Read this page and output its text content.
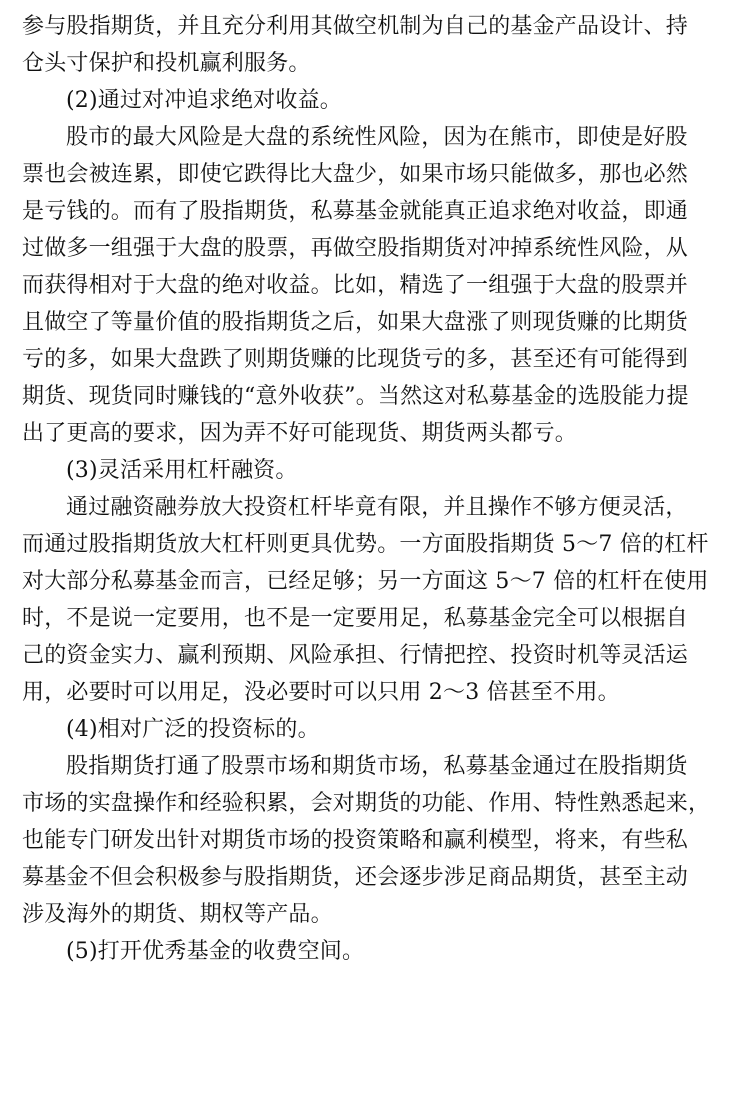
参与股指期货，并且充分利用其做空机制为自己的基金产品设计、持
仓头寸保护和投机赢利服务。
(2)通过对冲追求绝对收益。
股市的最大风险是大盘的系统性风险，因为在熊市，即使是好股
票也会被连累，即使它跌得比大盘少，如果市场只能做多，那也必然
是亏钱的。而有了股指期货，私募基金就能真正追求绝对收益，即通
过做多一组强于大盘的股票，再做空股指期货对冲掉系统性风险，从
而获得相对于大盘的绝对收益。比如，精选了一组强于大盘的股票并
且做空了等量价值的股指期货之后，如果大盘涨了则现货赚的比期货
亏的多，如果大盘跌了则期货赚的比现货亏的多，甚至还有可能得到
期货、现货同时赚钱的“意外收获”。当然这对私募基金的选股能力提
出了更高的要求，因为弄不好可能现货、期货两头都亏。
(3)灵活采用杠杆融资。
通过融资融券放大投资杠杆毕竟有限，并且操作不够方便灵活，
而通过股指期货放大杠杆则更具优势。一方面股指期货 5～7 倍的杠杆
对大部分私募基金而言，已经足够；另一方面这 5～7 倍的杠杆在使用
时，不是说一定要用，也不是一定要用足，私募基金完全可以根据自
己的资金实力、赢利预期、风险承担、行情把控、投资时机等灵活运
用，必要时可以用足，没必要时可以只用 2～3 倍甚至不用。
(4)相对广泛的投资标的。
股指期货打通了股票市场和期货市场，私募基金通过在股指期货
市场的实盘操作和经验积累，会对期货的功能、作用、特性熟悉起来，
也能专门研发出针对期货市场的投资策略和赢利模型，将来，有些私
募基金不但会积极参与股指期货，还会逐步涉足商品期货，甚至主动
涉及海外的期货、期权等产品。
(5)打开优秀基金的收费空间。
